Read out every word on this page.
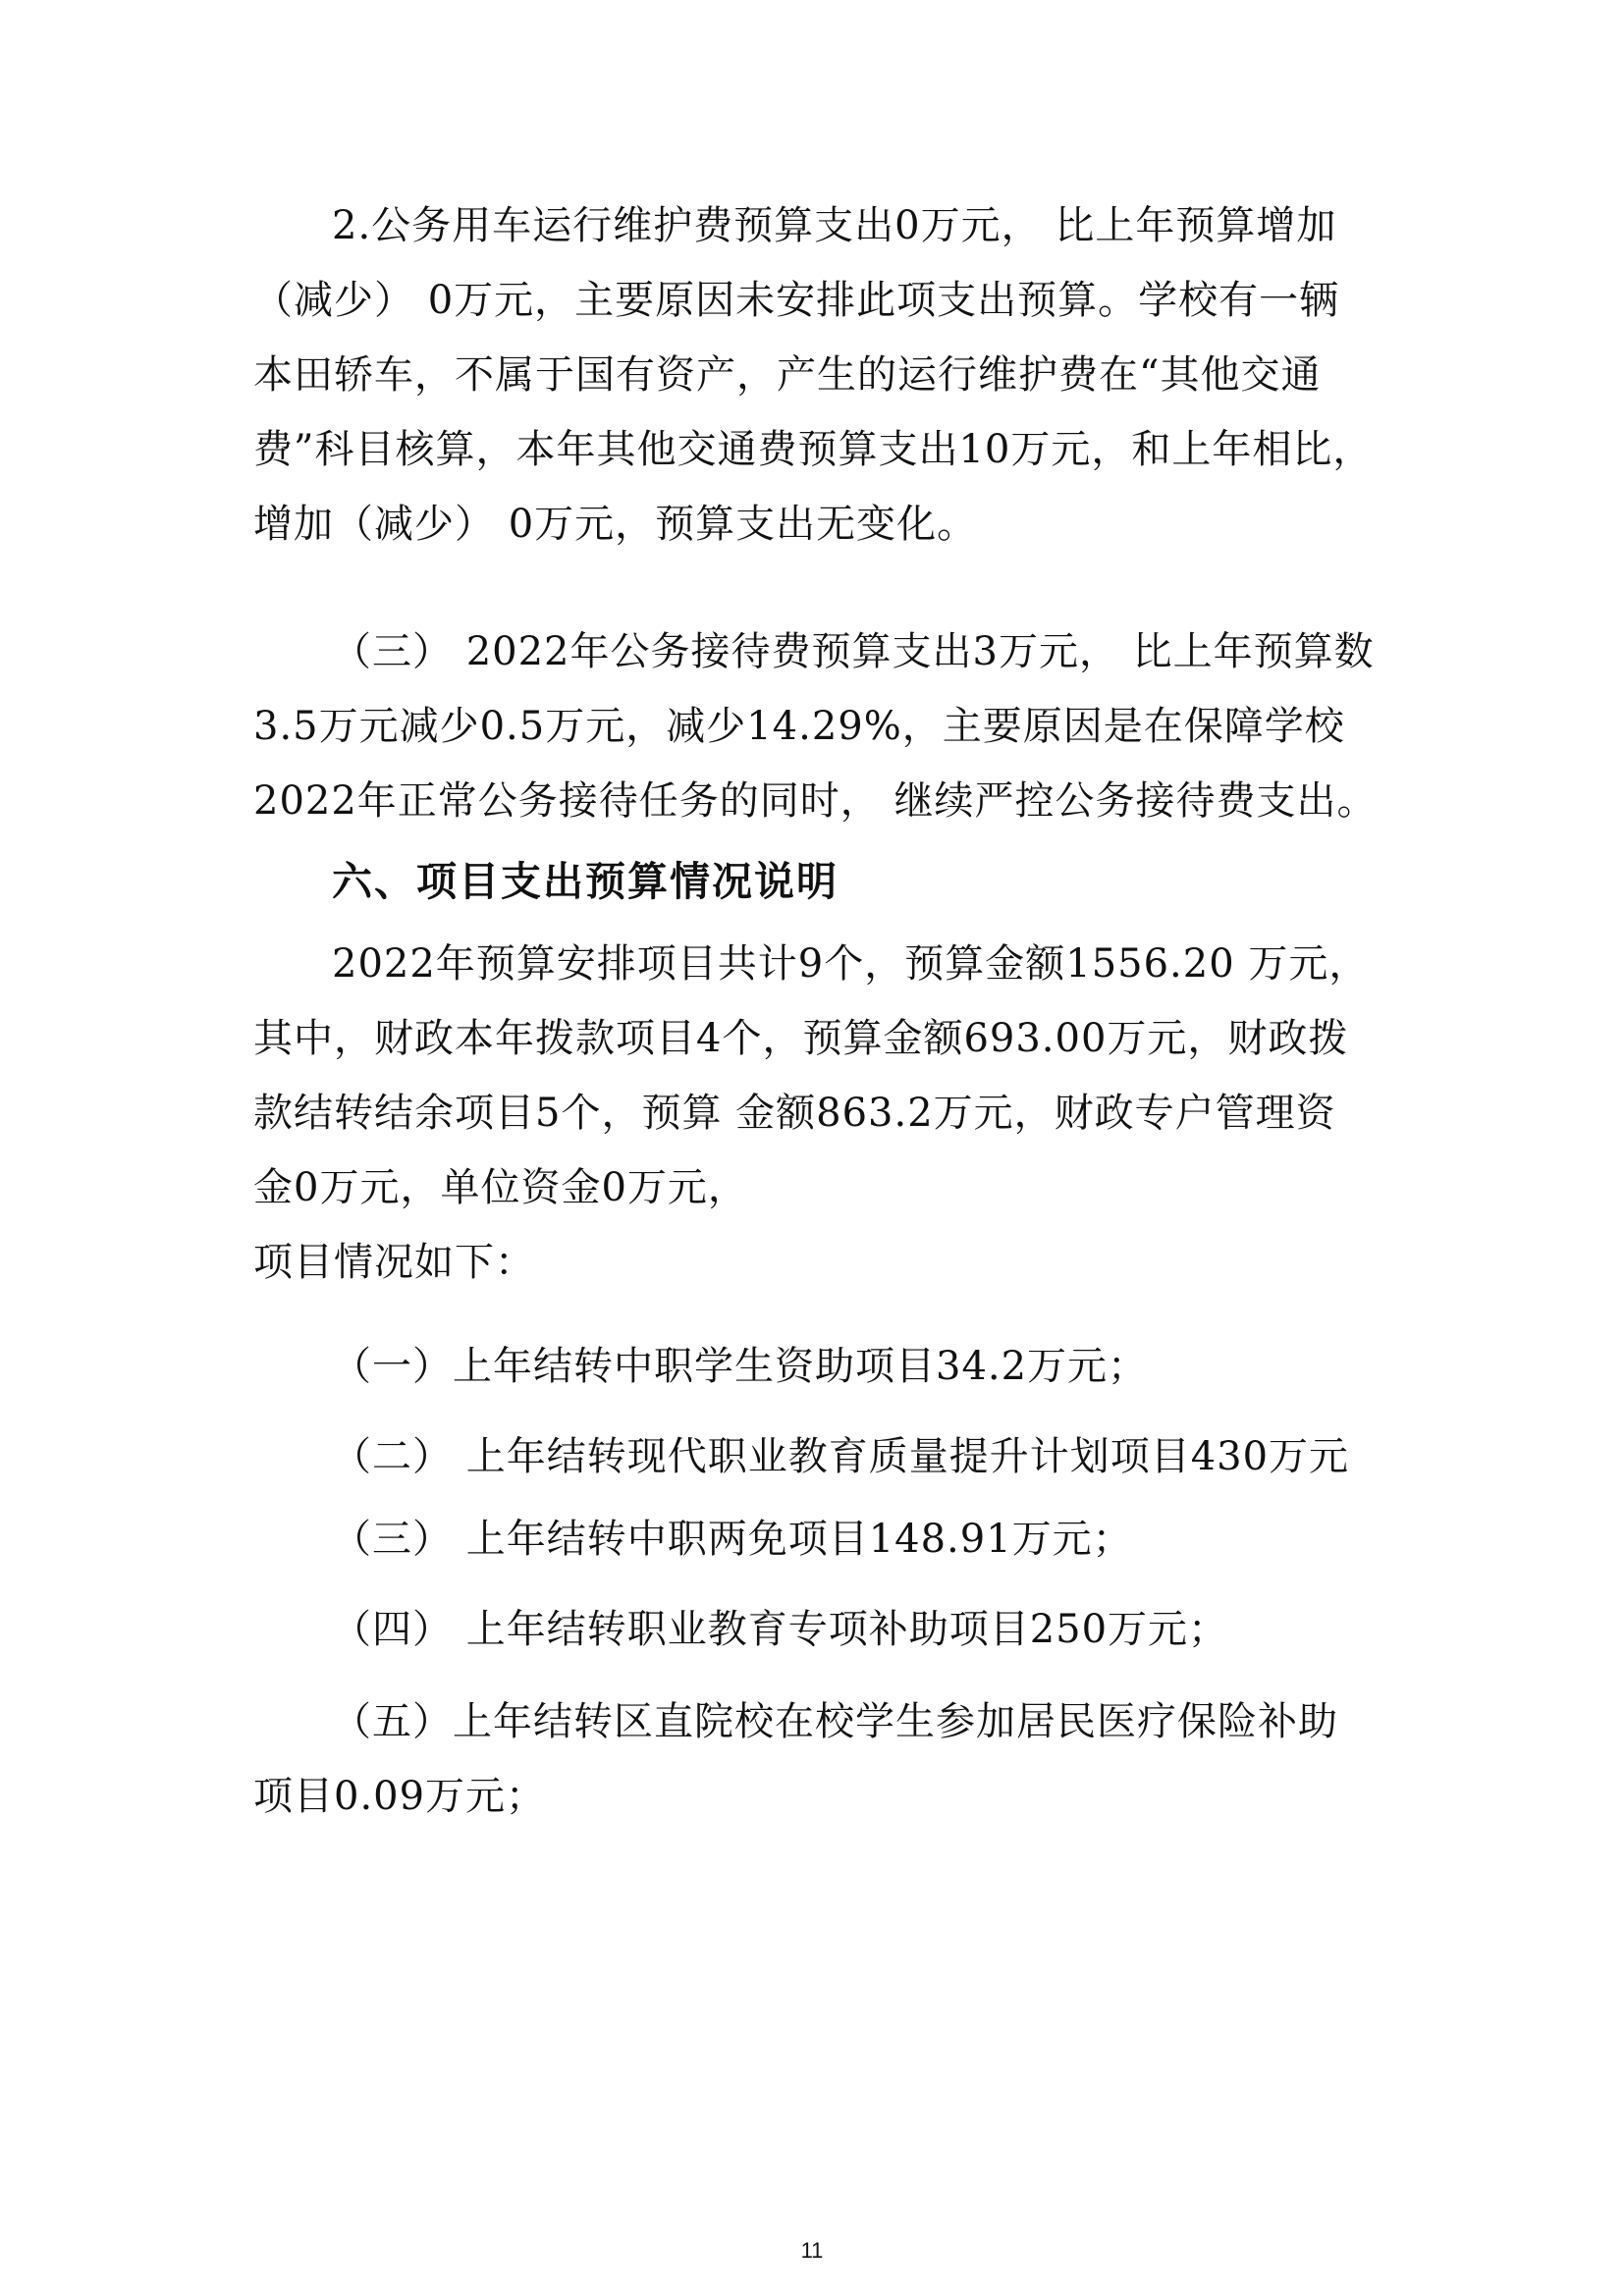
2.公务用车运行维护费预算支出0万元， 比上年预算增加
（减少） 0万元，主要原因未安排此项支出预算。学校有一辆
本田轿车，不属于国有资产，产生的运行维护费在“其他交通
费”科目核算，本年其他交通费预算支出10万元，和上年相比，
增加（减少） 0万元，预算支出无变化。
（三） 2022年公务接待费预算支出3万元， 比上年预算数
3.5万元减少0.5万元，减少14.29%，主要原因是在保障学校
2022年正常公务接待任务的同时， 继续严控公务接待费支出。
六、项目支出预算情况说明
2022年预算安排项目共计9个，预算金额1556.20 万元，
其中，财政本年拨款项目4个，预算金额693.00万元，财政拨
款结转结余项目5个，预算 金额863.2万元，财政专户管理资
金0万元，单位资金0万元，
项目情况如下：
（一）上年结转中职学生资助项目34.2万元；
（二） 上年结转现代职业教育质量提升计划项目430万元
（三） 上年结转中职两免项目148.91万元；
（四） 上年结转职业教育专项补助项目250万元；
（五）上年结转区直院校在校学生参加居民医疗保险补助
项目0.09万元；
11
